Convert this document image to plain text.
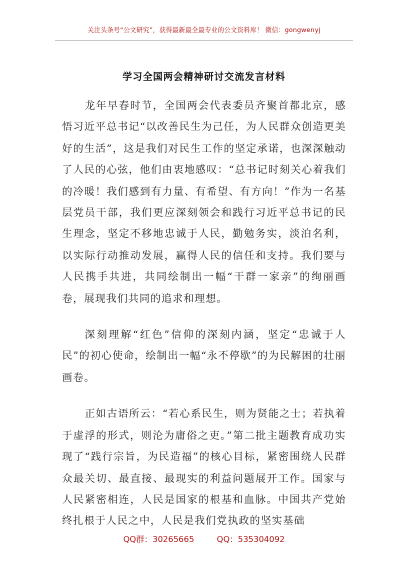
关注头条号“公文研究”，获得最新最全最专业的公文资料库！ 微信：gongwenyj
学习全国两会精神研讨交流发言材料

龙年早春时节，全国两会代表委员齐聚首都北京，感悟习近平总书记“以改善民生为己任，为人民群众创造更美好的生活”，这是我们对民生工作的坚定承诺，也深深触动了人民的心弦，他们由衷地感叹：“总书记时刻关心着我们的冷暖！我们感到有力量、有希望、有方向！”作为一名基层党员干部，我们更应深刻领会和践行习近平总书记的民生理念，坚定不移地忠诚于人民，勤勉务实，淡泊名利，以实际行动推动发展，赢得人民的信任和支持。我们要与人民携手共进，共同绘制出一幅“干群一家亲”的绚丽画卷，展现我们共同的追求和理想。

深刻理解“红色”信仰的深刻内涵，坚定“忠诚于人民”的初心使命，绘制出一幅“永不停歇”的为民解困的壮丽画卷。

正如古语所云：“若心系民生，则为贤能之士；若执着于虚浮的形式，则沦为庸俗之吏。”第二批主题教育成功实现了“践行宗旨，为民造福”的核心目标，紧密围绕人民群众最关切、最直接、最现实的利益问题展开工作。国家与人民紧密相连，人民是国家的根基和血脉。中国共产党始终扎根于人民之中，人民是我们党执政的坚实基础

QQ群：30265665	QQ：535304092
